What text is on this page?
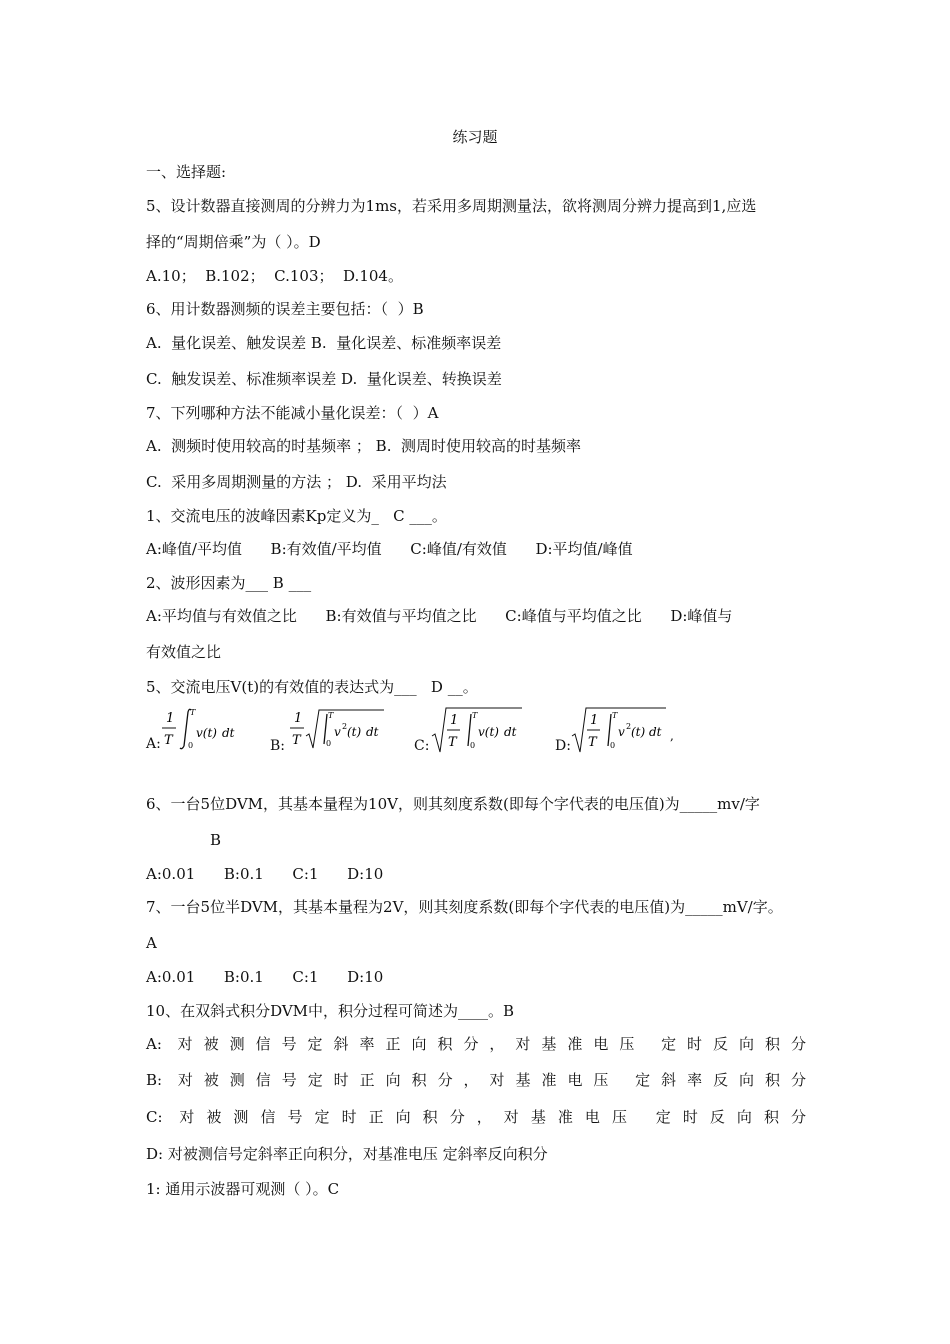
练习题
一、选择题:
5、设计数器直接测周的分辨力为1ms，若采用多周期测量法，欲将测周分辨力提高到1,应选
择的“周期倍乘”为（ ）。D
A.10；  B.102；  C.103；  D.104。
6、用计数器测频的误差主要包括：（  ）B
A.  量化误差、触发误差 B.  量化误差、标准频率误差
C.  触发误差、标准频率误差 D.  量化误差、转换误差
7、下列哪种方法不能减小量化误差：（  ）A
A.  测频时使用较高的时基频率 ； B.  测周时使用较高的时基频率
C.  采用多周期测量的方法 ； D.  采用平均法
1、交流电压的波峰因素Kp定义为_   C ___。
A:峰值/平均值      B:有效值/平均值      C:峰值/有效值      D:平均值/峰值
2、波形因素为___ B ___
A:平均值与有效值之比      B:有效值与平均值之比      C:峰值与平均值之比      D:峰值与
有效值之比
5、交流电压V(t)的有效值的表达式为___   D __。
A:
1
T
T
0
v(t) dt
B:
1
T
T
0
v 2 (t) dt
C:
1
T
T
0
v(t) dt
D:
1
T
T
0
v 2 (t) dt ,
6、一台5位DVM，其基本量程为10V，则其刻度系数(即每个字代表的电压值)为_____mv/字
B
A:0.01      B:0.1      C:1      D:10
7、一台5位半DVM，其基本量程为2V，则其刻度系数(即每个字代表的电压值)为_____mV/字。
A
A:0.01      B:0.1      C:1      D:10
10、在双斜式积分DVM中，积分过程可简述为____。B
A: 对被测信号定斜率正向积分，对基准电压 定时反向积分
B: 对被测信号定时正向积分，对基准电压 定斜率反向积分
C: 对被测信号定时正向积分，对基准电压 定时反向积分
D: 对被测信号定斜率正向积分，对基准电压 定斜率反向积分
1: 通用示波器可观测（ ）。C
